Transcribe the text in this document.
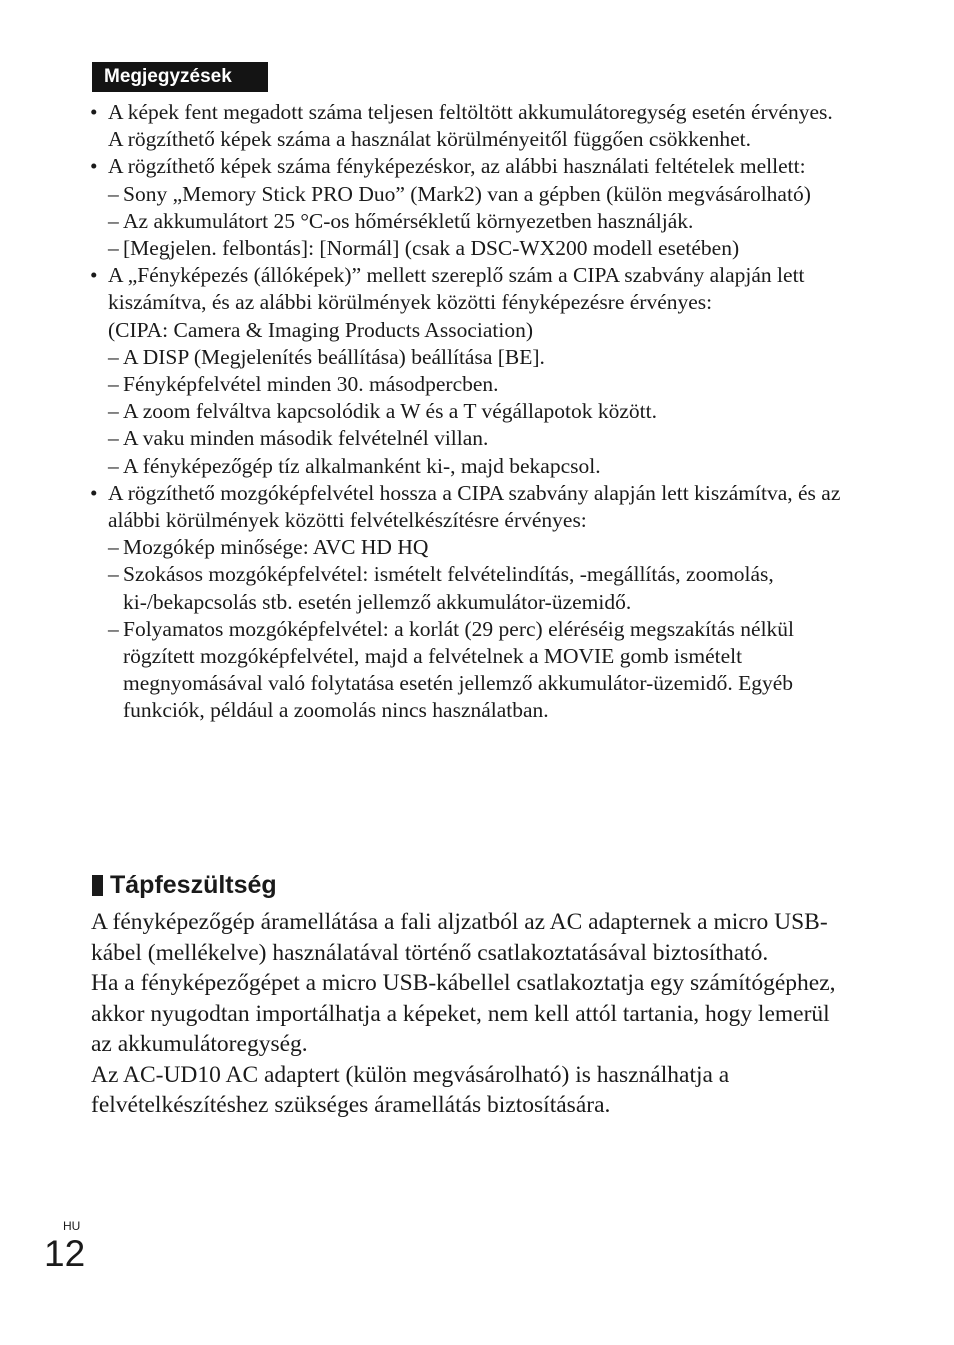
Megjegyzések
• A képek fent megadott száma teljesen feltöltött akkumulátoregység esetén érvényes. A rögzíthető képek száma a használat körülményeitől függően csökkenhet.
• A rögzíthető képek száma fényképezéskor, az alábbi használati feltételek mellett:
– Sony „Memory Stick PRO Duo” (Mark2) van a gépben (külön megvásárolható)
– Az akkumulátort 25 °C-os hőmérsékletű környezetben használják.
– [Megjelen. felbontás]: [Normál] (csak a DSC-WX200 modell esetében)
• A „Fényképezés (állóképek)” mellett szereplő szám a CIPA szabvány alapján lett kiszámítva, és az alábbi körülmények közötti fényképezésre érvényes:
(CIPA: Camera & Imaging Products Association)
– A DISP (Megjelenítés beállítása) beállítása [BE].
– Fényképfelvétel minden 30. másodpercben.
– A zoom felváltva kapcsolódik a W és a T végállapotok között.
– A vaku minden második felvételnél villan.
– A fényképezőgép tíz alkalmanként ki-, majd bekapcsol.
• A rögzíthető mozgóképfelvétel hossza a CIPA szabvány alapján lett kiszámítva, és az alábbi körülmények közötti felvételkészítésre érvényes:
– Mozgókép minősége: AVC HD HQ
– Szokásos mozgóképfelvétel: ismételt felvételindítás, -megállítás, zoomolás, ki-/bekapcsolás stb. esetén jellemző akkumulátor-üzemidő.
– Folyamatos mozgóképfelvétel: a korlát (29 perc) eléréséig megszakítás nélkül rögzített mozgóképfelvétel, majd a felvételnek a MOVIE gomb ismételt megnyomásával való folytatása esetén jellemző akkumulátor-üzemidő. Egyéb funkciók, például a zoomolás nincs használatban.
Tápfeszültség

A fényképezőgép áramellátása a fali aljzatból az AC adapternek a micro USB-kábel (mellékelve) használatával történő csatlakoztatásával biztosítható.

Ha a fényképezőgépet a micro USB-kábellel csatlakoztatja egy számítógéphez, akkor nyugodtan importálhatja a képeket, nem kell attól tartania, hogy lemerül az akkumulátoregység.

Az AC-UD10 AC adaptert (külön megvásárolható) is használhatja a felvételkészítéshez szükséges áramellátás biztosítására.

HU
12
